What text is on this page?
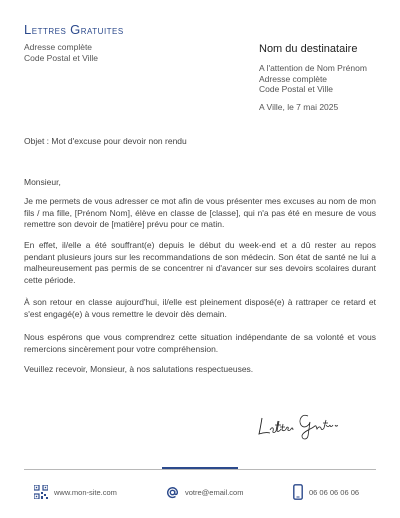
Lettres Gratuites
Adresse complète
Code Postal et Ville
Nom du destinataire
A l'attention de Nom Prénom
Adresse complète
Code Postal et Ville
A Ville, le 7 mai 2025
Objet : Mot d'excuse pour devoir non rendu
Monsieur,
Je me permets de vous adresser ce mot afin de vous présenter mes excuses au nom de mon fils / ma fille, [Prénom Nom], élève en classe de [classe], qui n'a pas été en mesure de vous remettre son devoir de [matière] prévu pour ce matin.
En effet, il/elle a été souffrant(e) depuis le début du week-end et a dû rester au repos pendant plusieurs jours sur les recommandations de son médecin. Son état de santé ne lui a malheureusement pas permis de se concentrer ni d'avancer sur ses devoirs scolaires durant cette période.
À son retour en classe aujourd'hui, il/elle est pleinement disposé(e) à rattraper ce retard et s'est engagé(e) à vous remettre le devoir dès demain.
Nous espérons que vous comprendrez cette situation indépendante de sa volonté et vous remercions sincèrement pour votre compréhension.
Veuillez recevoir, Monsieur, à nos salutations respectueuses.
www.mon-site.com	votre@email.com	06 06 06 06 06
